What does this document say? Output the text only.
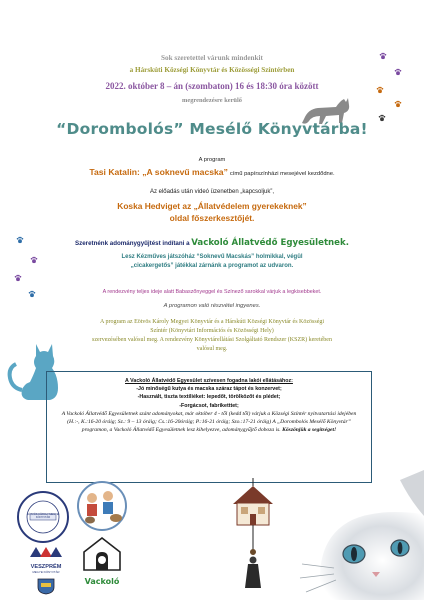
Sok szeretettel várunk mindenkit
a Hárskúti Községi Könyvtár és Közösségi Színtérben
2022. október 8 – án (szombaton) 16 és 18:30 óra között
megrendezésre kerülő
“Dorombolós” Mesélő Könyvtárba!
A program
Tasi Katalin: „A soknevű macska” című papírszínházi mesejével kezdődne.
Az előadás után videó üzenetben „kapcsoljuk”,
Koska Hedviget az „Állatvédelem gyerekeknek”
oldal főszerkesztőjét.
Szeretnénk adománygyűjtést indítani a Vackoló Állatvédő Egyesületnek.
Lesz Kézműves játszóház “Soknevű Macskás” holmikkal, végül
„cicakergetős” játékkal zárnánk a programot az udvaron.
A rendezvény teljes ideje alatt Babaszőnyeggel és Színező sarokkal várjuk a legkisebbeket.
A programon való részvétel ingyenes.
A program az Eötvös Károly Megyei Könyvtár és a Hárskúti Községi Könyvtár és Közösségi
Színtér (Könyvtári Információs és Közösségi Hely)
szervezésében valósul meg. A rendezvény Könyvtárellátási Szolgáltató Rendszer (KSZR) keretében
valósul meg.
A Vackoló Állatvédő Egyesület szívesen fogadna lakói ellátásához:
-Jó minőségű kutya és macska száraz tápot és konzervet;
-Használt, tiszta textíliéket: lepedőt, törölközőt és plédet;
-Forgácsot, fabriketttet;
A Vackoló Állatvédő Egyesületnek szánt adományokat, már október 4 - től (kedd től) várjuk a Községi Színtér nyitvatartási idejében (H.:-, K.:16-20 óráig; Sz.: 9 – 13 óráig; Cs.:16-20óráig; P.:16-21 óráig; Szo.:17-21 óráig) A „Dorombolós Mesélő Könyvtár” programon, a Vackoló Állatvédő Egyesületnek lesz kihelyezve, adománygyűjtő dobozа is. Köszönjük a segítséget!
EÖTVÖS KÁROLY MEGYEI KÖNYVTÁR
VESZPRÉM
MEGYEI KÖNYVTÁR
Vackoló
